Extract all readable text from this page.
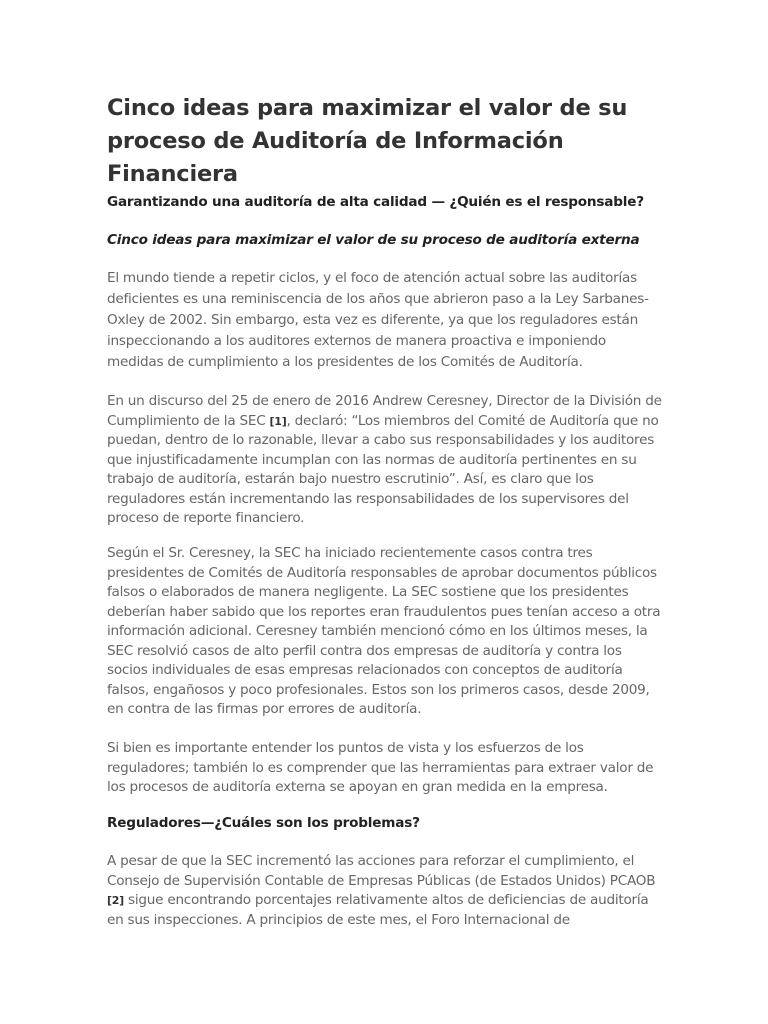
Cinco ideas para maximizar el valor de su proceso de Auditoría de Información Financiera

Garantizando una auditoría de alta calidad — ¿Quién es el responsable?

Cinco ideas para maximizar el valor de su proceso de auditoría externa

El mundo tiende a repetir ciclos, y el foco de atención actual sobre las auditorías deficientes es una reminiscencia de los años que abrieron paso a la Ley Sarbanes-Oxley de 2002. Sin embargo, esta vez es diferente, ya que los reguladores están inspeccionando a los auditores externos de manera proactiva e imponiendo medidas de cumplimiento a los presidentes de los Comités de Auditoría.

En un discurso del 25 de enero de 2016 Andrew Ceresney, Director de la División de Cumplimiento de la SEC [1], declaró: “Los miembros del Comité de Auditoría que no puedan, dentro de lo razonable, llevar a cabo sus responsabilidades y los auditores que injustificadamente incumplan con las normas de auditoría pertinentes en su trabajo de auditoría, estarán bajo nuestro escrutinio”. Así, es claro que los reguladores están incrementando las responsabilidades de los supervisores del proceso de reporte financiero.

Según el Sr. Ceresney, la SEC ha iniciado recientemente casos contra tres presidentes de Comités de Auditoría responsables de aprobar documentos públicos falsos o elaborados de manera negligente. La SEC sostiene que los presidentes deberían haber sabido que los reportes eran fraudulentos pues tenían acceso a otra información adicional. Ceresney también mencionó cómo en los últimos meses, la SEC resolvió casos de alto perfil contra dos empresas de auditoría y contra los socios individuales de esas empresas relacionados con conceptos de auditoría falsos, engañosos y poco profesionales. Estos son los primeros casos, desde 2009, en contra de las firmas por errores de auditoría.

Si bien es importante entender los puntos de vista y los esfuerzos de los reguladores; también lo es comprender que las herramientas para extraer valor de los procesos de auditoría externa se apoyan en gran medida en la empresa.

Reguladores—¿Cuáles son los problemas?

A pesar de que la SEC incrementó las acciones para reforzar el cumplimiento, el Consejo de Supervisión Contable de Empresas Públicas (de Estados Unidos) PCAOB [2] sigue encontrando porcentajes relativamente altos de deficiencias de auditoría en sus inspecciones. A principios de este mes, el Foro Internacional de
